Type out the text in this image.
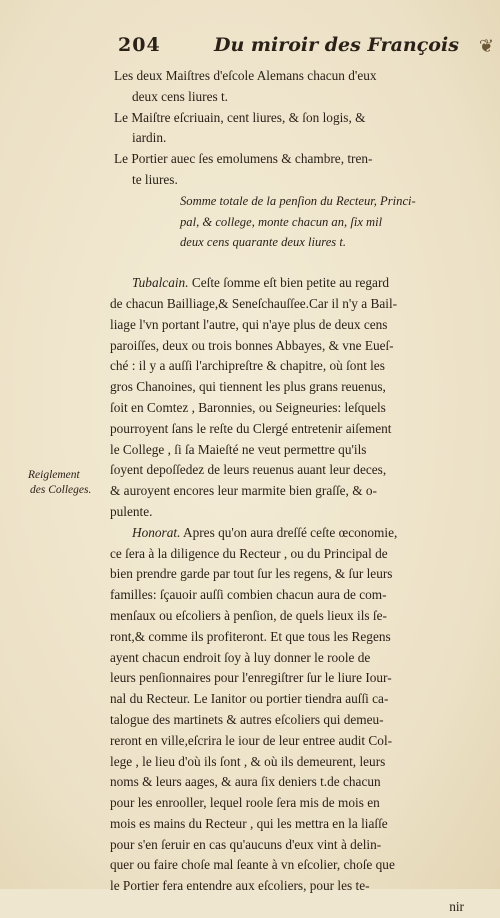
204	Du miroir des François ❦
Reiglement
des Colleges.
Les deux Maiſtres d'eſcole Alemans chacun d'eux
deux cens liures t.
Le Maiſtre eſcriuain, cent liures, & ſon logis, &
iardin.
Le Portier auec ſes emolumens & chambre, tren-
te liures.
Somme totale de la penſion du Recteur, Princi-
pal, & college, monte chacun an, ſix mil
deux cens quarante deux liures t.
Tubalcain. Ceſte ſomme eſt bien petite au regard
de chacun Bailliage,& Seneſchauſſee.Car il n'y a Bail-
liage l'vn portant l'autre, qui n'aye plus de deux cens
paroiſſes, deux ou trois bonnes Abbayes, & vne Eueſ-
ché : il y a auſſi l'archipreſtre & chapitre, où ſont les
gros Chanoines, qui tiennent les plus grans reuenus,
ſoit en Comtez , Baronnies, ou Seigneuries: leſquels
pourroyent ſans le reſte du Clergé entretenir aiſement
le College , ſi ſa Maieſté ne veut permettre qu'ils
ſoyent depoſſedez de leurs reuenus auant leur deces,
& auroyent encores leur marmite bien graſſe, & o-
pulente.
Honorat. Apres qu'on aura dreſſé ceſte œconomie,
ce ſera à la diligence du Recteur , ou du Principal de
bien prendre garde par tout ſur les regens, & ſur leurs
familles: ſçauoir auſſi combien chacun aura de com-
menſaux ou eſcoliers à penſion, de quels lieux ils ſe-
ront,& comme ils profiteront. Et que tous les Regens
ayent chacun endroit ſoy à luy donner le roole de
leurs penſionnaires pour l'enregiſtrer ſur le liure Iour-
nal du Recteur. Le Ianitor ou portier tiendra auſſi ca-
talogue des martinets & autres eſcoliers qui demeu-
reront en ville,eſcrira le iour de leur entree audit Col-
lege , le lieu d'où ils ſont , & où ils demeurent, leurs
noms & leurs aages, & aura ſix deniers t.de chacun
pour les enrooller, lequel roole ſera mis de mois en
mois es mains du Recteur , qui les mettra en la liaſſe
pour s'en ſeruir en cas qu'aucuns d'eux vint à delin-
quer ou faire choſe mal ſeante à vn eſcolier, choſe que
le Portier fera entendre aux eſcoliers, pour les te-
nir
